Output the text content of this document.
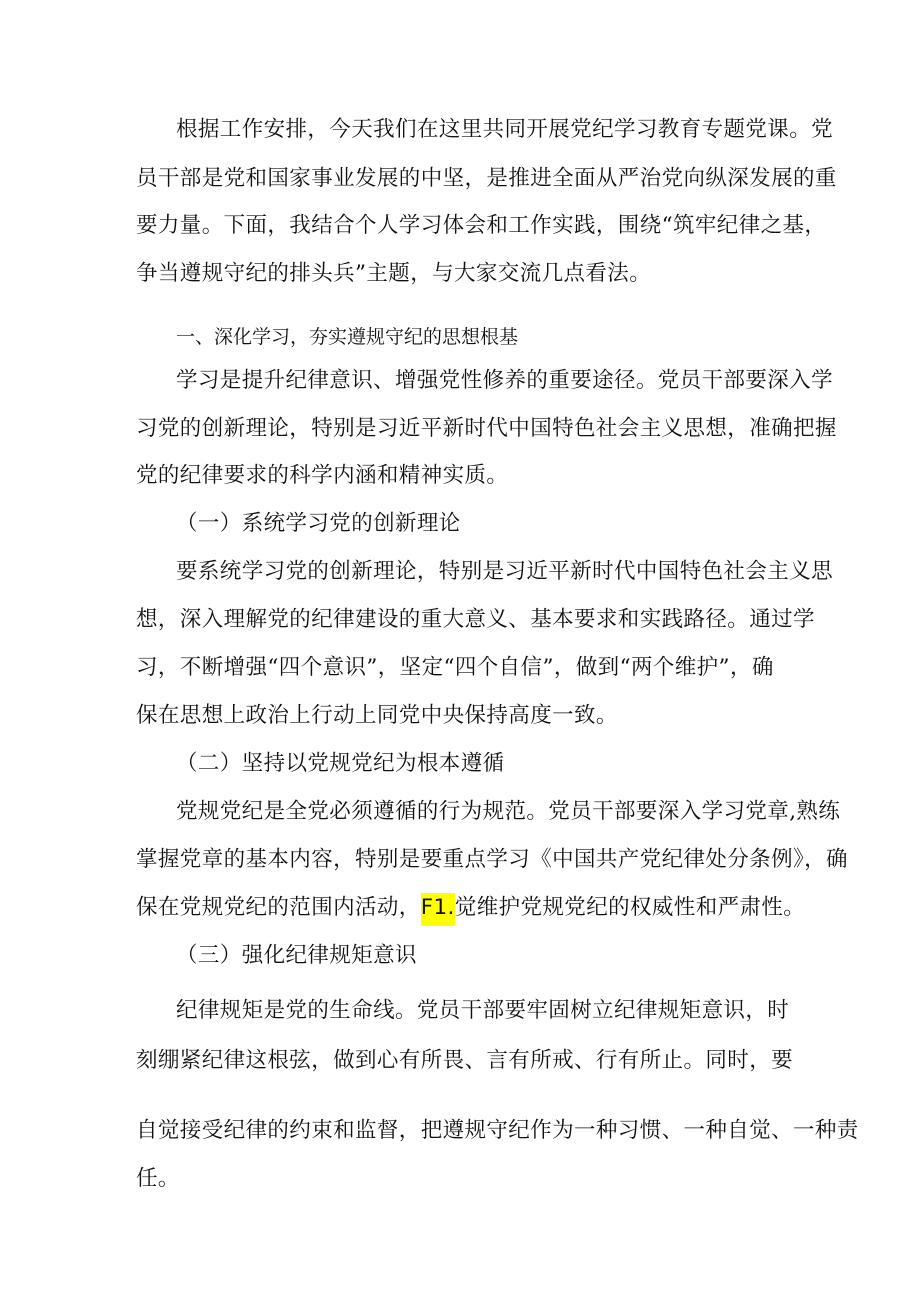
根据工作安排，今天我们在这里共同开展党纪学习教育专题党课。党
员干部是党和国家事业发展的中坚，是推进全面从严治党向纵深发展的重
要力量。下面，我结合个人学习体会和工作实践，围绕“筑牢纪律之基，
争当遵规守纪的排头兵”主题，与大家交流几点看法。
一、深化学习，夯实遵规守纪的思想根基
学习是提升纪律意识、增强党性修养的重要途径。党员干部要深入学
习党的创新理论，特别是习近平新时代中国特色社会主义思想，准确把握
党的纪律要求的科学内涵和精神实质。
（一）系统学习党的创新理论
要系统学习党的创新理论，特别是习近平新时代中国特色社会主义思
想，深入理解党的纪律建设的重大意义、基本要求和实践路径。通过学
习，不断增强“四个意识”，坚定“四个自信”，做到“两个维护”，确
保在思想上政治上行动上同党中央保持高度一致。
（二）坚持以党规党纪为根本遵循
党规党纪是全党必须遵循的行为规范。党员干部要深入学习党章,熟练
掌握党章的基本内容，特别是要重点学习《中国共产党纪律处分条例》，确
保在党规党纪的范围内活动，F1.觉维护党规党纪的权威性和严肃性。
（三）强化纪律规矩意识
纪律规矩是党的生命线。党员干部要牢固树立纪律规矩意识，时
刻绷紧纪律这根弦，做到心有所畏、言有所戒、行有所止。同时，要
自觉接受纪律的约束和监督，把遵规守纪作为一种习惯、一种自觉、一种责
任。
